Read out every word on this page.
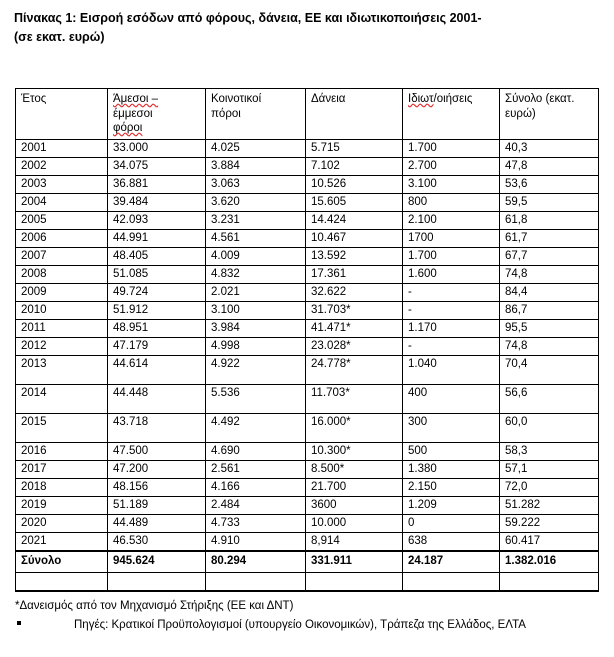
Πίνακας 1: Εισροή εσόδων από φόρους, δάνεια, ΕΕ και ιδιωτικοποιήσεις 2001-
(σε εκατ. ευρώ)
Έτος	Άμεσοι –
έμμεσοι
φόροι	Κοινοτικοί
πόροι	Δάνεια	Ιδιωτ/οιήσεις	Σύνολο (εκατ.
ευρώ)
2001	33.000	4.025	5.715	1.700	40,3
2002	34.075	3.884	7.102	2.700	47,8
2003	36.881	3.063	10.526	3.100	53,6
2004	39.484	3.620	15.605	800	59,5
2005	42.093	3.231	14.424	2.100	61,8
2006	44.991	4.561	10.467	1700	61,7
2007	48.405	4.009	13.592	1.700	67,7
2008	51.085	4.832	17.361	1.600	74,8
2009	49.724	2.021	32.622	-	84,4
2010	51.912	3.100	31.703*	-	86,7
2011	48.951	3.984	41.471*	1.170	95,5
2012	47.179	4.998	23.028*	-	74,8
2013	44.614	4.922	24.778*	1.040	70,4
2014	44.448	5.536	11.703*	400	56,6
2015	43.718	4.492	16.000*	300	60,0
2016	47.500	4.690	10.300*	500	58,3
2017	47.200	2.561	8.500*	1.380	57,1
2018	48.156	4.166	21.700	2.150	72,0
2019	51.189	2.484	3600	1.209	51.282
2020	44.489	4.733	10.000	0	59.222
2021	46.530	4.910	8,914	638	60.417
Σύνολο	945.624	80.294	331.911	24.187	1.382.016

*Δανεισμός από τον Μηχανισμό Στήριξης (ΕΕ και ΔΝΤ)
Πηγές: Κρατικοί Προϋπολογισμοί (υπουργείο Οικονομικών), Τράπεζα της Ελλάδος, ΕΛΤΑ
